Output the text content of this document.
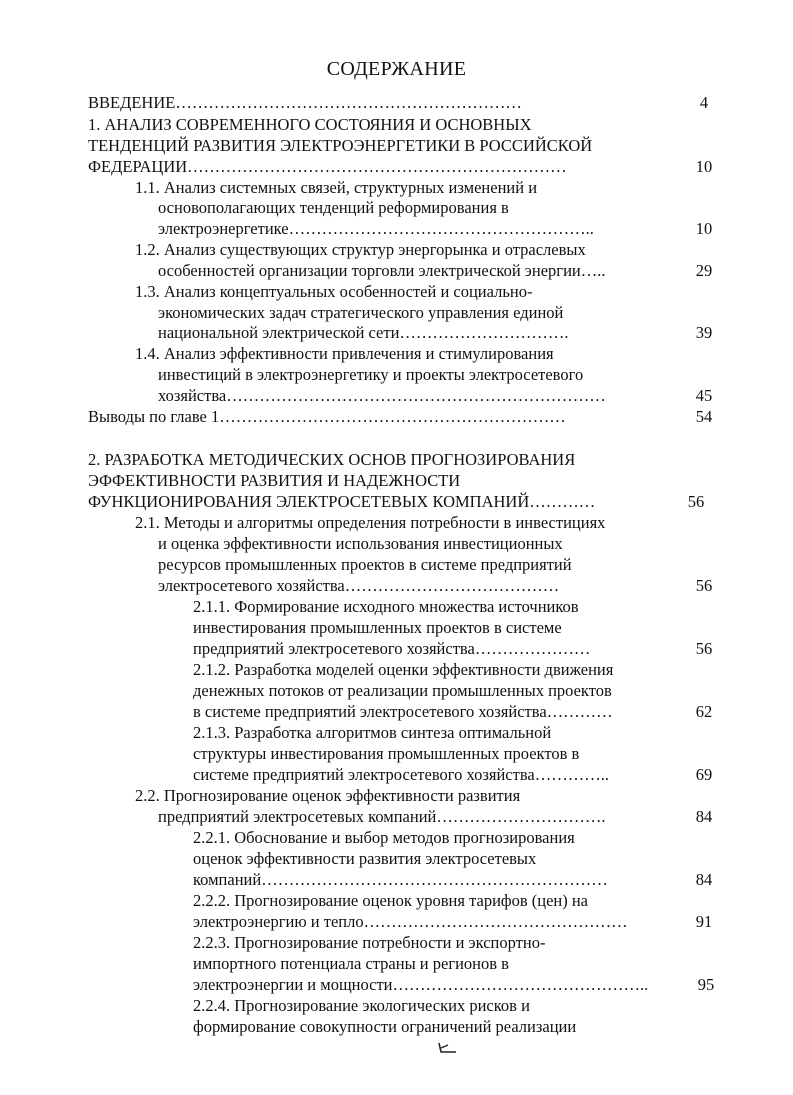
СОДЕРЖАНИЕ
ВВЕДЕНИЕ………………………………………………………	4
1. АНАЛИЗ СОВРЕМЕННОГО СОСТОЯНИЯ И ОСНОВНЫХ
ТЕНДЕНЦИЙ РАЗВИТИЯ ЭЛЕКТРОЭНЕРГЕТИКИ В РОССИЙСКОЙ
ФЕДЕРАЦИИ……………………………………………………………	10
1.1. Анализ системных связей, структурных изменений и
основополагающих тенденций реформирования в
электроэнергетике………………………………………………..	10
1.2. Анализ существующих структур энергорынка и отраслевых
особенностей организации торговли электрической энергии…..	29
1.3. Анализ концептуальных особенностей и социально-
экономических задач стратегического управления единой
национальной электрической сети………………………….	39
1.4. Анализ эффективности привлечения и стимулирования
инвестиций в электроэнергетику и проекты электросетевого
хозяйства……………………………………………………………	45
Выводы по главе 1………………………………………………………	54
2. РАЗРАБОТКА МЕТОДИЧЕСКИХ ОСНОВ ПРОГНОЗИРОВАНИЯ
ЭФФЕКТИВНОСТИ РАЗВИТИЯ И НАДЕЖНОСТИ
ФУНКЦИОНИРОВАНИЯ ЭЛЕКТРОСЕТЕВЫХ КОМПАНИЙ…………	56
2.1. Методы и алгоритмы определения потребности в инвестициях
и оценка эффективности использования инвестиционных
ресурсов промышленных проектов в системе предприятий
электросетевого хозяйства…………………………………	56
2.1.1. Формирование исходного множества источников
инвестирования промышленных проектов в системе
предприятий электросетевого хозяйства…………………	56
2.1.2. Разработка моделей оценки эффективности движения
денежных потоков от реализации промышленных проектов
в системе предприятий электросетевого хозяйства…………	62
2.1.3. Разработка алгоритмов синтеза оптимальной
структуры инвестирования промышленных проектов в
системе предприятий электросетевого хозяйства…………..	69
2.2. Прогнозирование оценок эффективности развития
предприятий электросетевых компаний………………………….	84
2.2.1. Обоснование и выбор методов прогнозирования
оценок эффективности развития электросетевых
компаний………………………………………………………	84
2.2.2. Прогнозирование оценок уровня тарифов (цен) на
электроэнергию и тепло…………………………………………	91
2.2.3. Прогнозирование потребности и экспортно-
импортного потенциала страны и регионов в
электроэнергии и мощности………………………………………..	95
2.2.4. Прогнозирование экологических рисков и
формирование совокупности ограничений реализации
